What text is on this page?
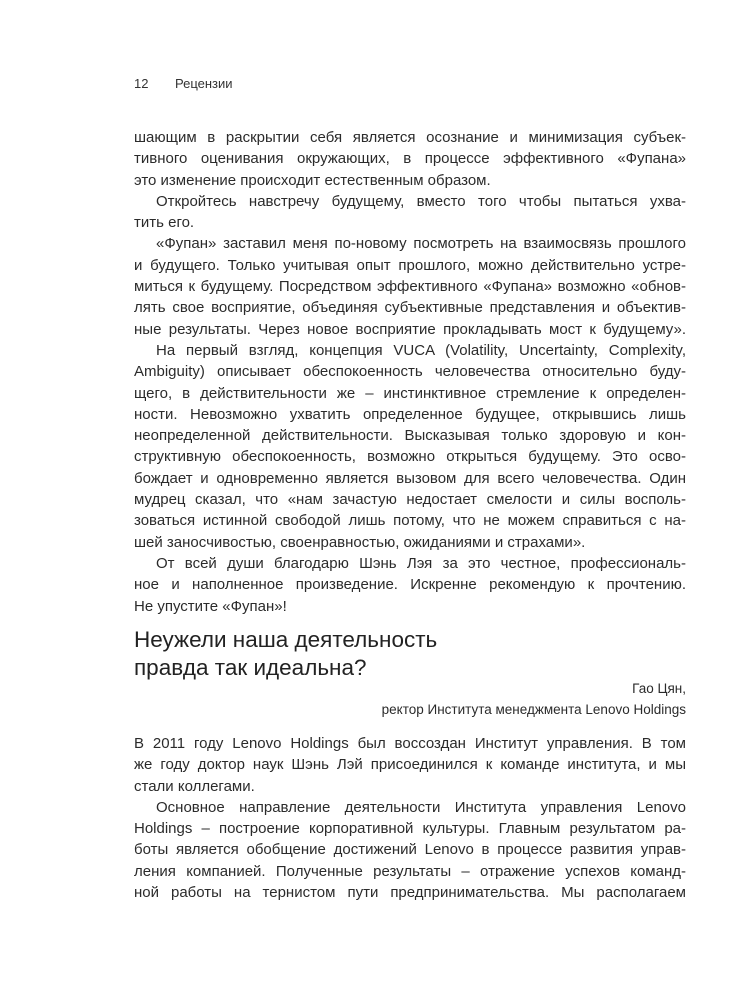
12 Рецензии
шающим в раскрытии себя является осознание и минимизация субъек-
тивного оценивания окружающих, в процессе эффективного «Фупана»
это изменение происходит естественным образом.
Откройтесь навстречу будущему, вместо того чтобы пытаться ухва-
тить его.
«Фупан» заставил меня по-новому посмотреть на взаимосвязь прошлого
и будущего. Только учитывая опыт прошлого, можно действительно устре-
миться к будущему. Посредством эффективного «Фупана» возможно «обнов-
лять свое восприятие, объединяя субъективные представления и объектив-
ные результаты. Через новое восприятие прокладывать мост к будущему».
На первый взгляд, концепция VUCA (Volatility, Uncertainty, Complexity,
Ambiguity) описывает обеспокоенность человечества относительно буду-
щего, в действительности же – инстинктивное стремление к определен-
ности. Невозможно ухватить определенное будущее, открывшись лишь
неопределенной действительности. Высказывая только здоровую и кон-
структивную обеспокоенность, возможно открыться будущему. Это осво-
бождает и одновременно является вызовом для всего человечества. Один
мудрец сказал, что «нам зачастую недостает смелости и силы восполь-
зоваться истинной свободой лишь потому, что не можем справиться с на-
шей заносчивостью, своенравностью, ожиданиями и страхами».
От всей души благодарю Шэнь Лэя за это честное, профессиональ-
ное и наполненное произведение. Искренне рекомендую к прочтению.
Не упустите «Фупан»!
Неужели наша деятельность
правда так идеальна?
Гао Цян,
ректор Института менеджмента Lenovo Holdings
В 2011 году Lenovo Holdings был воссоздан Институт управления. В том
же году доктор наук Шэнь Лэй присоединился к команде института, и мы
стали коллегами.
Основное направление деятельности Института управления Lenovo
Holdings – построение корпоративной культуры. Главным результатом ра-
боты является обобщение достижений Lenovo в процессе развития управ-
ления компанией. Полученные результаты – отражение успехов команд-
ной работы на тернистом пути предпринимательства. Мы располагаем
